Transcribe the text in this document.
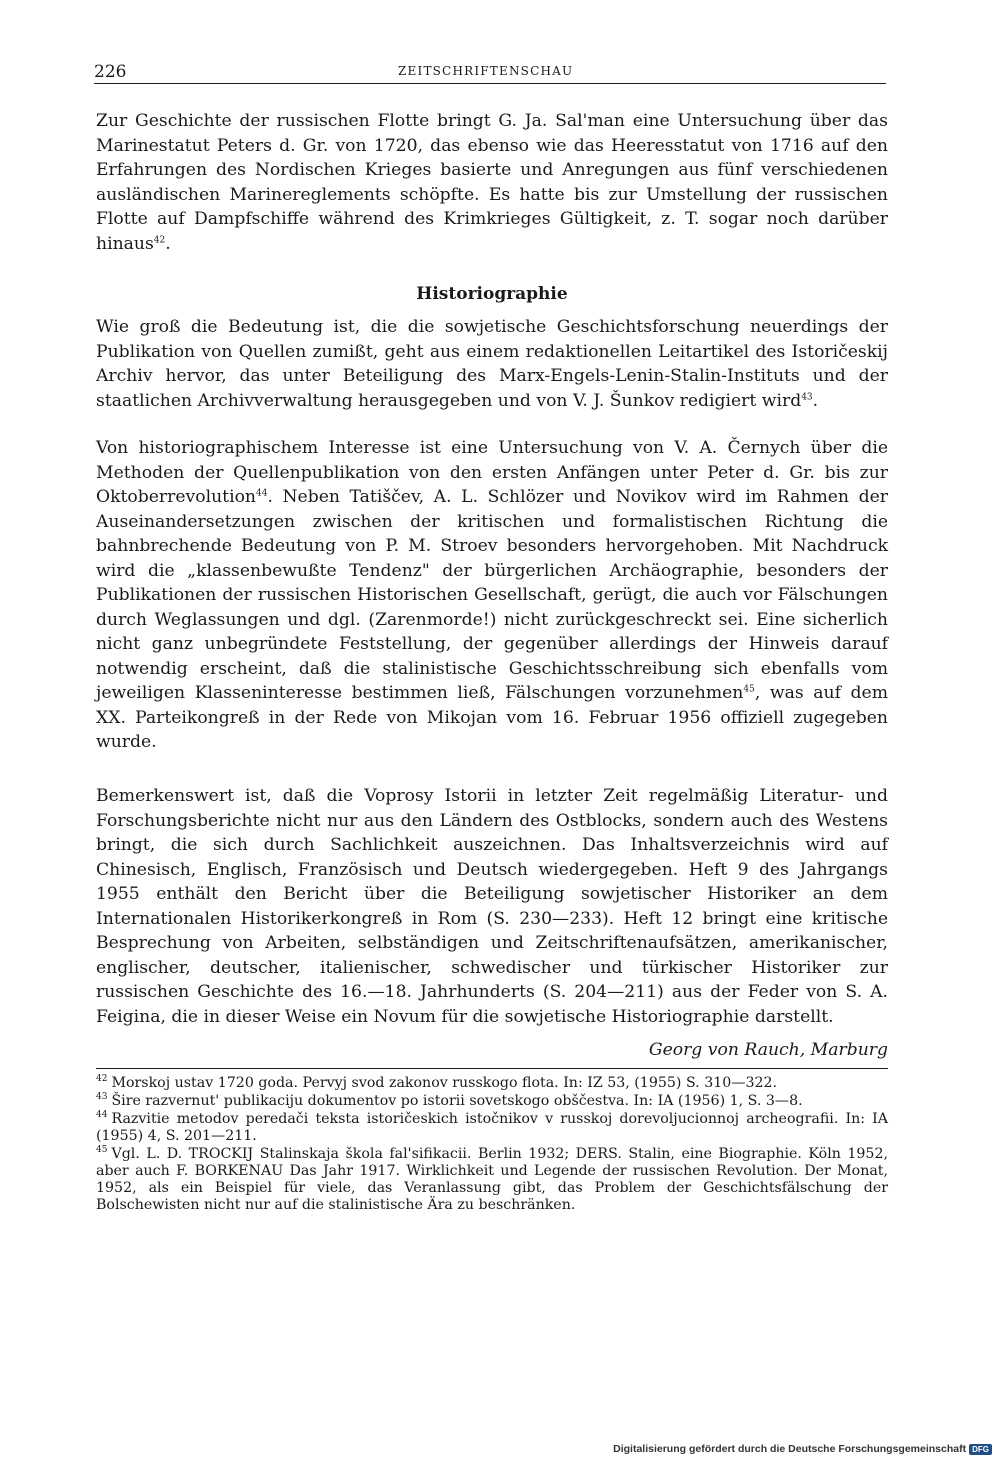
226	ZEITSCHRIFTENSCHAU

Zur Geschichte der russischen Flotte bringt G. Ja. Sal'man eine Untersuchung über das Marinestatut Peters d. Gr. von 1720, das ebenso wie das Heeresstatut von 1716 auf den Erfahrungen des Nordischen Krieges basierte und Anregungen aus fünf verschiedenen ausländischen Marinereglements schöpfte. Es hatte bis zur Umstellung der russischen Flotte auf Dampfschiffe während des Krimkrieges Gültigkeit, z. T. sogar noch darüber hinaus$^{42}$.

Historiographie

Wie groß die Bedeutung ist, die die sowjetische Geschichtsforschung neuerdings der Publikation von Quellen zumißt, geht aus einem redaktionellen Leitartikel des Istoričeskij Archiv hervor, das unter Beteiligung des Marx-Engels-Lenin-Stalin-Instituts und der staatlichen Archivverwaltung herausgegeben und von V. J. Šunkov redigiert wird$^{43}$.

Von historiographischem Interesse ist eine Untersuchung von V. A. Černych über die Methoden der Quellenpublikation von den ersten Anfängen unter Peter d. Gr. bis zur Oktoberrevolution$^{44}$. Neben Tatiščev, A. L. Schlözer und Novikov wird im Rahmen der Auseinandersetzungen zwischen der kritischen und formalistischen Richtung die bahnbrechende Bedeutung von P. M. Stroev besonders hervorgehoben. Mit Nachdruck wird die „klassenbewußte Tendenz" der bürgerlichen Archäographie, besonders der Publikationen der russischen Historischen Gesellschaft, gerügt, die auch vor Fälschungen durch Weglassungen und dgl. (Zarenmorde!) nicht zurückgeschreckt sei. Eine sicherlich nicht ganz unbegründete Feststellung, der gegenüber allerdings der Hinweis darauf notwendig erscheint, daß die stalinistische Geschichtsschreibung sich ebenfalls vom jeweiligen Klasseninteresse bestimmen ließ, Fälschungen vorzunehmen$^{45}$, was auf dem XX. Parteikongreß in der Rede von Mikojan vom 16. Februar 1956 offiziell zugegeben wurde.

Bemerkenswert ist, daß die Voprosy Istorii in letzter Zeit regelmäßig Literatur- und Forschungsberichte nicht nur aus den Ländern des Ostblocks, sondern auch des Westens bringt, die sich durch Sachlichkeit auszeichnen. Das Inhaltsverzeichnis wird auf Chinesisch, Englisch, Französisch und Deutsch wiedergegeben. Heft 9 des Jahrgangs 1955 enthält den Bericht über die Beteiligung sowjetischer Historiker an dem Internationalen Historikerkongreß in Rom (S. 230—233). Heft 12 bringt eine kritische Besprechung von Arbeiten, selbständigen und Zeitschriftenaufsätzen, amerikanischer, englischer, deutscher, italienischer, schwedischer und türkischer Historiker zur russischen Geschichte des 16.—18. Jahrhunderts (S. 204—211) aus der Feder von S. A. Feigina, die in dieser Weise ein Novum für die sowjetische Historiographie darstellt.

Georg von Rauch, Marburg

$^{42}$ Morskoj ustav 1720 goda. Pervyj svod zakonov russkogo flota. In: IZ 53, (1955) S. 310—322.

$^{43}$ Šire razvernut' publikaciju dokumentov po istorii sovetskogo obščestva. In: IA (1956) 1, S. 3—8.

$^{44}$ Razvitie metodov peredači teksta istoričeskich istočnikov v russkoj dorevoljucionnoj archeografii. In: IA (1955) 4, S. 201—211.

$^{45}$ Vgl. L. D. TROCKIJ Stalinskaja škola fal'sifikacii. Berlin 1932; DERS. Stalin, eine Biographie. Köln 1952, aber auch F. BORKENAU Das Jahr 1917. Wirklichkeit und Legende der russischen Revolution. Der Monat, 1952, als ein Beispiel für viele, das Veranlassung gibt, das Problem der Geschichtsfälschung der Bolschewisten nicht nur auf die stalinistische Ära zu beschränken.

Digitalisierung gefördert durch die Deutsche Forschungsgemeinschaft DFG
